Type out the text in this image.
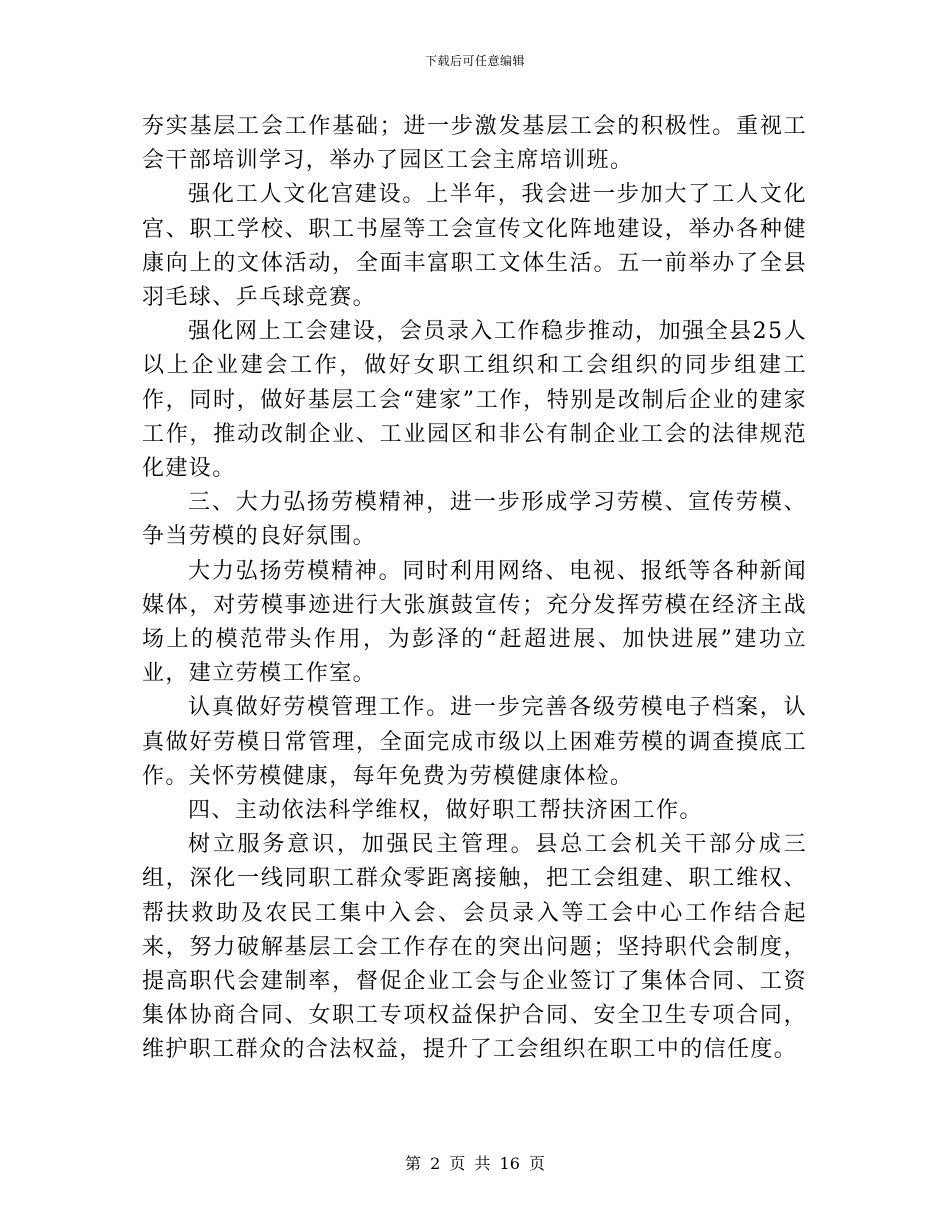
下载后可任意编辑

夯实基层工会工作基础；进一步激发基层工会的积极性。重视工会干部培训学习，举办了园区工会主席培训班。

强化工人文化宫建设。上半年，我会进一步加大了工人文化宫、职工学校、职工书屋等工会宣传文化阵地建设，举办各种健康向上的文体活动，全面丰富职工文体生活。五一前举办了全县羽毛球、乒乓球竞赛。

强化网上工会建设，会员录入工作稳步推动，加强全县25人以上企业建会工作，做好女职工组织和工会组织的同步组建工作，同时，做好基层工会“建家”工作，特别是改制后企业的建家工作，推动改制企业、工业园区和非公有制企业工会的法律规范化建设。

三、大力弘扬劳模精神，进一步形成学习劳模、宣传劳模、争当劳模的良好氛围。

大力弘扬劳模精神。同时利用网络、电视、报纸等各种新闻媒体，对劳模事迹进行大张旗鼓宣传；充分发挥劳模在经济主战场上的模范带头作用，为彭泽的“赶超进展、加快进展”建功立业，建立劳模工作室。

认真做好劳模管理工作。进一步完善各级劳模电子档案，认真做好劳模日常管理，全面完成市级以上困难劳模的调查摸底工作。关怀劳模健康，每年免费为劳模健康体检。

四、主动依法科学维权，做好职工帮扶济困工作。

树立服务意识，加强民主管理。县总工会机关干部分成三组，深化一线同职工群众零距离接触，把工会组建、职工维权、帮扶救助及农民工集中入会、会员录入等工会中心工作结合起来，努力破解基层工会工作存在的突出问题；坚持职代会制度，提高职代会建制率，督促企业工会与企业签订了集体合同、工资集体协商合同、女职工专项权益保护合同、安全卫生专项合同，维护职工群众的合法权益，提升了工会组织在职工中的信任度。

第 2 页 共 16 页
